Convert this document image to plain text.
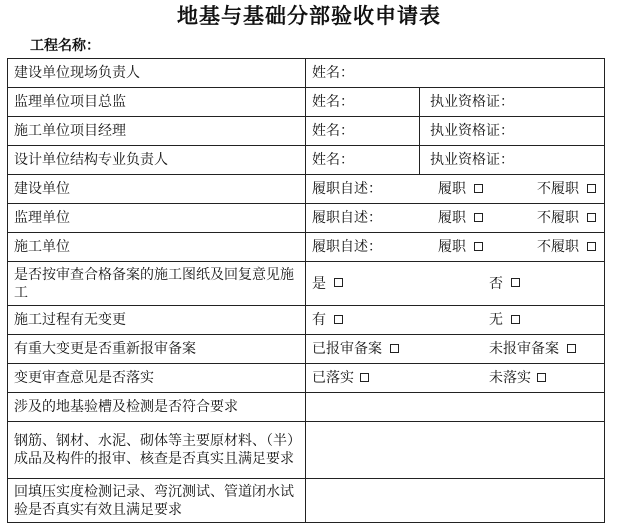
地基与基础分部验收申请表
工程名称：
建设单位现场负责人	姓名：
监理单位项目总监	姓名： 执业资格证：

施工单位项目经理	姓名： 执业资格证：

设计单位结构专业负责人	姓名： 执业资格证：

建设单位	履职自述： 履职 不履职

监理单位	履职自述： 履职 不履职

施工单位	履职自述： 履职 不履职

是否按审查合格备案的施工图纸及回复意见施工	是 否

施工过程有无变更	有 无

有重大变更是否重新报审备案	已报审备案 未报审备案

变更审查意见是否落实	已落实 未落实

涉及的地基验槽及检测是否符合要求	
钢筋、钢材、水泥、砌体等主要原材料、（半）成品及构件的报审、核查是否真实且满足要求	
回填压实度检测记录、弯沉测试、管道闭水试验是否真实有效且满足要求	
